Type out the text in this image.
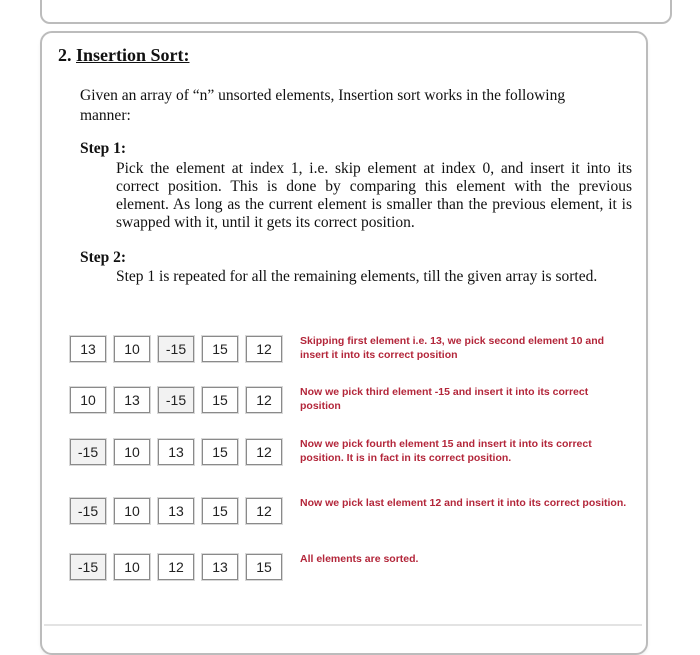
2. Insertion Sort:

Given an array of “n” unsorted elements, Insertion sort works in the following manner:

Step 1:

Pick the element at index 1, i.e. skip element at index 0, and insert it into its correct position. This is done by comparing this element with the previous element. As long as the current element is smaller than the previous element, it is swapped with it, until it gets its correct position.

Step 2:

Step 1 is repeated for all the remaining elements, till the given array is sorted.

13	10	-15	15	12	Skipping first element i.e. 13, we pick second element 10 and insert it into its correct position

10	13	-15	15	12	Now we pick third element -15 and insert it into its correct position

-15	10	13	15	12	Now we pick fourth element 15 and insert it into its correct position. It is in fact in its correct position.

-15	10	13	15	12	Now we pick last element 12 and insert it into its correct position.

-15	10	12	13	15	All elements are sorted.
